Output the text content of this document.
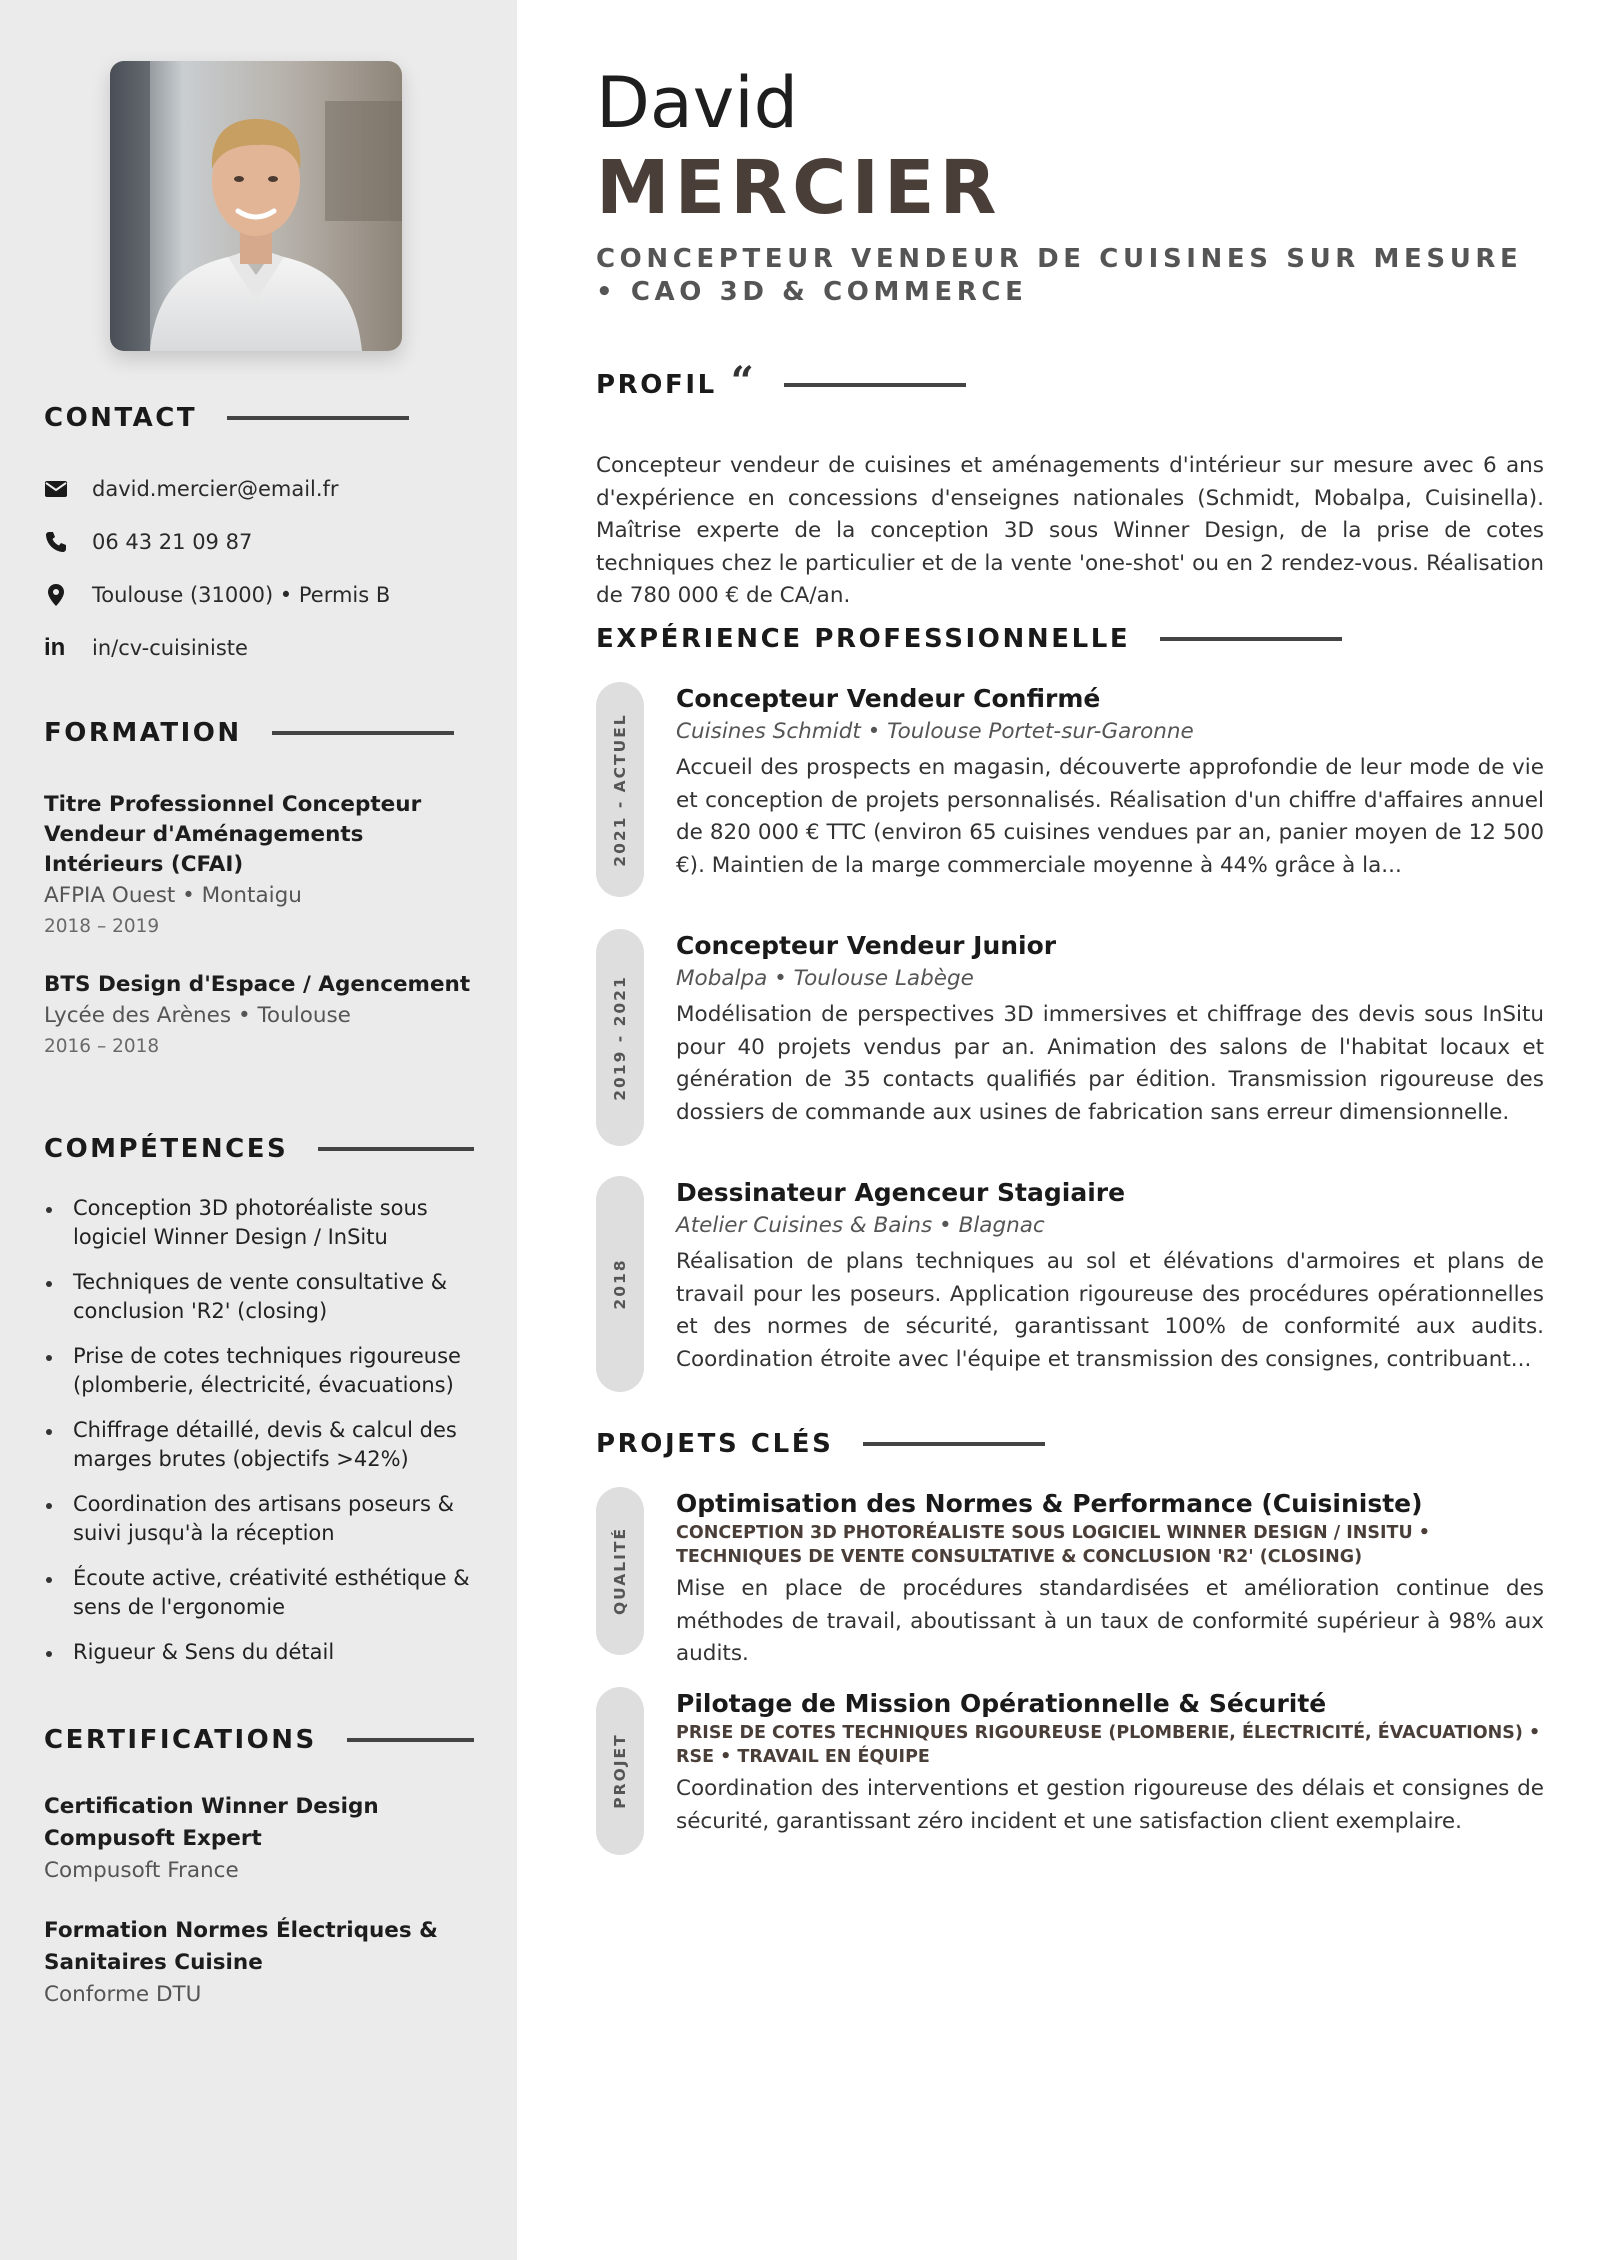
CONTACT
david.mercier@email.fr
06 43 21 09 87
Toulouse (31000) • Permis B
in in/cv-cuisiniste
FORMATION
Titre Professionnel Concepteur Vendeur d'Aménagements Intérieurs (CFAI)
AFPIA Ouest • Montaigu
2018 – 2019
BTS Design d'Espace / Agencement
Lycée des Arènes • Toulouse
2016 – 2018
COMPÉTENCES
Conception 3D photoréaliste sous logiciel Winner Design / InSitu
Techniques de vente consultative & conclusion 'R2' (closing)
Prise de cotes techniques rigoureuse (plomberie, électricité, évacuations)
Chiffrage détaillé, devis & calcul des marges brutes (objectifs >42%)
Coordination des artisans poseurs & suivi jusqu'à la réception
Écoute active, créativité esthétique & sens de l'ergonomie
Rigueur & Sens du détail
CERTIFICATIONS
Certification Winner Design Compusoft Expert
Compusoft France
Formation Normes Électriques & Sanitaires Cuisine
Conforme DTU
David
MERCIER
CONCEPTEUR VENDEUR DE CUISINES SUR MESURE • CAO 3D & COMMERCE
PROFIL “
Concepteur vendeur de cuisines et aménagements d'intérieur sur mesure avec 6 ans d'expérience en concessions d'enseignes nationales (Schmidt, Mobalpa, Cuisinella). Maîtrise experte de la conception 3D sous Winner Design, de la prise de cotes techniques chez le particulier et de la vente 'one-shot' ou en 2 rendez-vous. Réalisation de 780 000 € de CA/an.
EXPÉRIENCE PROFESSIONNELLE
2021 - ACTUEL
Concepteur Vendeur Confirmé
Cuisines Schmidt • Toulouse Portet-sur-Garonne
Accueil des prospects en magasin, découverte approfondie de leur mode de vie et conception de projets personnalisés. Réalisation d'un chiffre d'affaires annuel de 820 000 € TTC (environ 65 cuisines vendues par an, panier moyen de 12 500 €). Maintien de la marge commerciale moyenne à 44% grâce à la...
2019 - 2021
Concepteur Vendeur Junior
Mobalpa • Toulouse Labège
Modélisation de perspectives 3D immersives et chiffrage des devis sous InSitu pour 40 projets vendus par an. Animation des salons de l'habitat locaux et génération de 35 contacts qualifiés par édition. Transmission rigoureuse des dossiers de commande aux usines de fabrication sans erreur dimensionnelle.
2018
Dessinateur Agenceur Stagiaire
Atelier Cuisines & Bains • Blagnac
Réalisation de plans techniques au sol et élévations d'armoires et plans de travail pour les poseurs. Application rigoureuse des procédures opérationnelles et des normes de sécurité, garantissant 100% de conformité aux audits. Coordination étroite avec l'équipe et transmission des consignes, contribuant...
PROJETS CLÉS
QUALITÉ
Optimisation des Normes & Performance (Cuisiniste)
CONCEPTION 3D PHOTORÉALISTE SOUS LOGICIEL WINNER DESIGN / INSITU • TECHNIQUES DE VENTE CONSULTATIVE & CONCLUSION 'R2' (CLOSING)
Mise en place de procédures standardisées et amélioration continue des méthodes de travail, aboutissant à un taux de conformité supérieur à 98% aux audits.
PROJET
Pilotage de Mission Opérationnelle & Sécurité
PRISE DE COTES TECHNIQUES RIGOUREUSE (PLOMBERIE, ÉLECTRICITÉ, ÉVACUATIONS) • RSE • TRAVAIL EN ÉQUIPE
Coordination des interventions et gestion rigoureuse des délais et consignes de sécurité, garantissant zéro incident et une satisfaction client exemplaire.
